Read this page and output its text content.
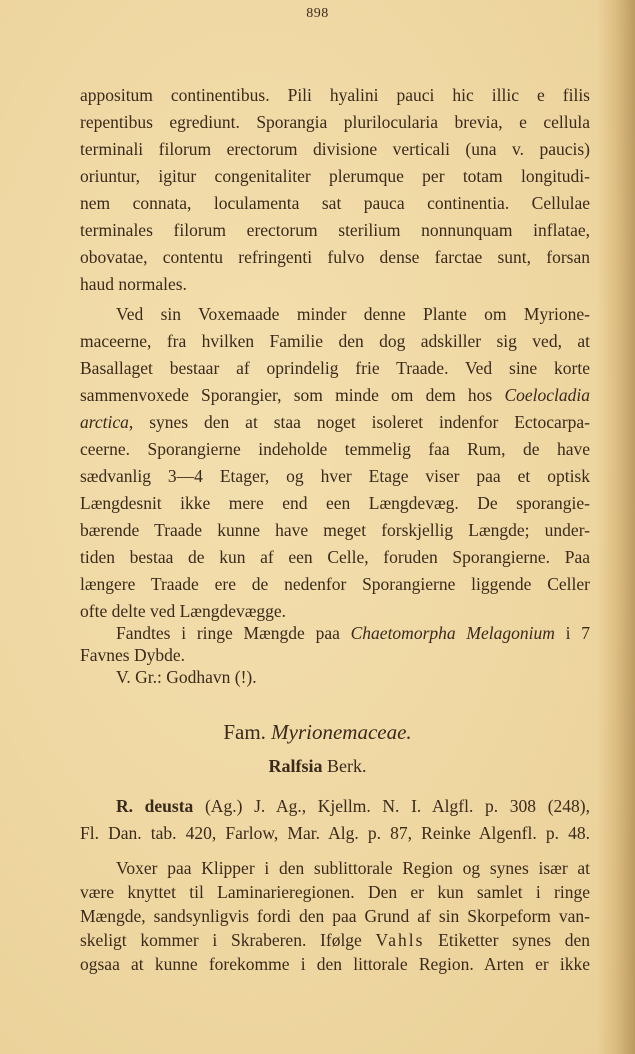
898
appositum continentibus. Pili hyalini pauci hic illic e filis
repentibus egrediunt. Sporangia plurilocularia brevia, e cellula
terminali filorum erectorum divisione verticali (una v. paucis)
oriuntur, igitur congenitaliter plerumque per totam longitudi-
nem connata, loculamenta sat pauca continentia. Cellulae
terminales filorum erectorum sterilium nonnunquam inflatae,
obovatae, contentu refringenti fulvo dense farctae sunt, forsan
haud normales.
Ved sin Voxemaade minder denne Plante om Myrione-
maceerne, fra hvilken Familie den dog adskiller sig ved, at
Basallaget bestaar af oprindelig frie Traade. Ved sine korte
sammenvoxede Sporangier, som minde om dem hos Coelocladia
arctica, synes den at staa noget isoleret indenfor Ectocarpa-
ceerne. Sporangierne indeholde temmelig faa Rum, de have
sædvanlig 3—4 Etager, og hver Etage viser paa et optisk
Længdesnit ikke mere end een Længdevæg. De sporangie-
bærende Traade kunne have meget forskjellig Længde; under-
tiden bestaa de kun af een Celle, foruden Sporangierne. Paa
længere Traade ere de nedenfor Sporangierne liggende Celler
ofte delte ved Længdevægge.
Fandtes i ringe Mængde paa Chaetomorpha Melagonium i 7
Favnes Dybde.
V. Gr.: Godhavn (!).
Fam. Myrionemaceae.
Ralfsia Berk.
R. deusta (Ag.) J. Ag., Kjellm. N. I. Algfl. p. 308 (248),
Fl. Dan. tab. 420, Farlow, Mar. Alg. p. 87, Reinke Algenfl. p. 48.
Voxer paa Klipper i den sublittorale Region og synes især at
være knyttet til Laminarieregionen. Den er kun samlet i ringe
Mængde, sandsynligvis fordi den paa Grund af sin Skorpeform van-
skeligt kommer i Skraberen. Ifølge Vahls Etiketter synes den
ogsaa at kunne forekomme i den littorale Region. Arten er ikke
